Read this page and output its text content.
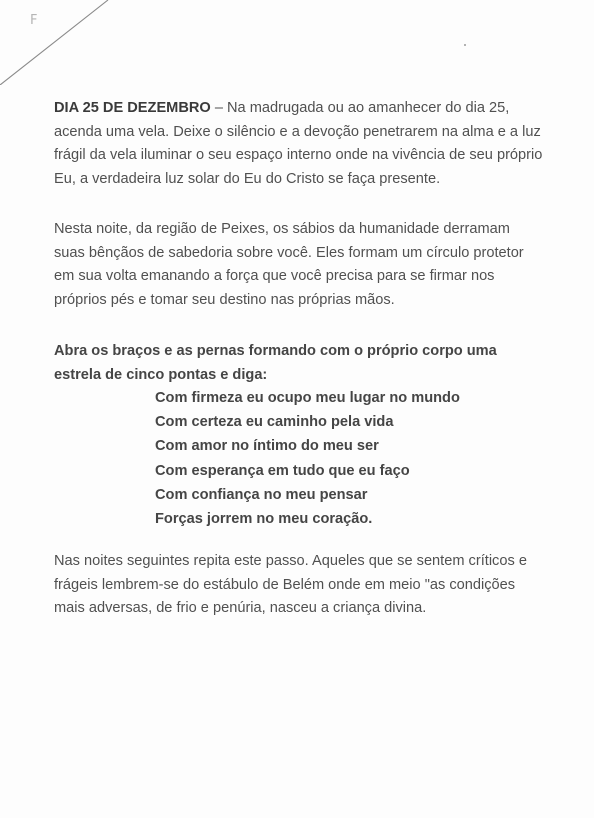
F

DIA 25 DE DEZEMBRO – Na madrugada ou ao amanhecer do dia 25, acenda uma vela. Deixe o silêncio e a devoção penetrarem na alma e a luz frágil da vela iluminar o seu espaço interno onde na vivência de seu próprio Eu, a verdadeira luz solar do Eu do Cristo se faça presente.

Nesta noite, da região de Peixes, os sábios da humanidade derramam suas bênçãos de sabedoria sobre você. Eles formam um círculo protetor em sua volta emanando a força que você precisa para se firmar nos próprios pés e tomar seu destino nas próprias mãos.

Abra os braços e as pernas formando com o próprio corpo uma estrela de cinco pontas e diga:

Com firmeza eu ocupo meu lugar no mundo
Com certeza eu caminho pela vida
Com amor no íntimo do meu ser
Com esperança em tudo que eu faço
Com confiança no meu pensar
Forças jorrem no meu coração.

Nas noites seguintes repita este passo. Aqueles que se sentem críticos e frágeis lembrem-se do estábulo de Belém onde em meio "as condições mais adversas, de frio e penúria, nasceu a criança divina.
